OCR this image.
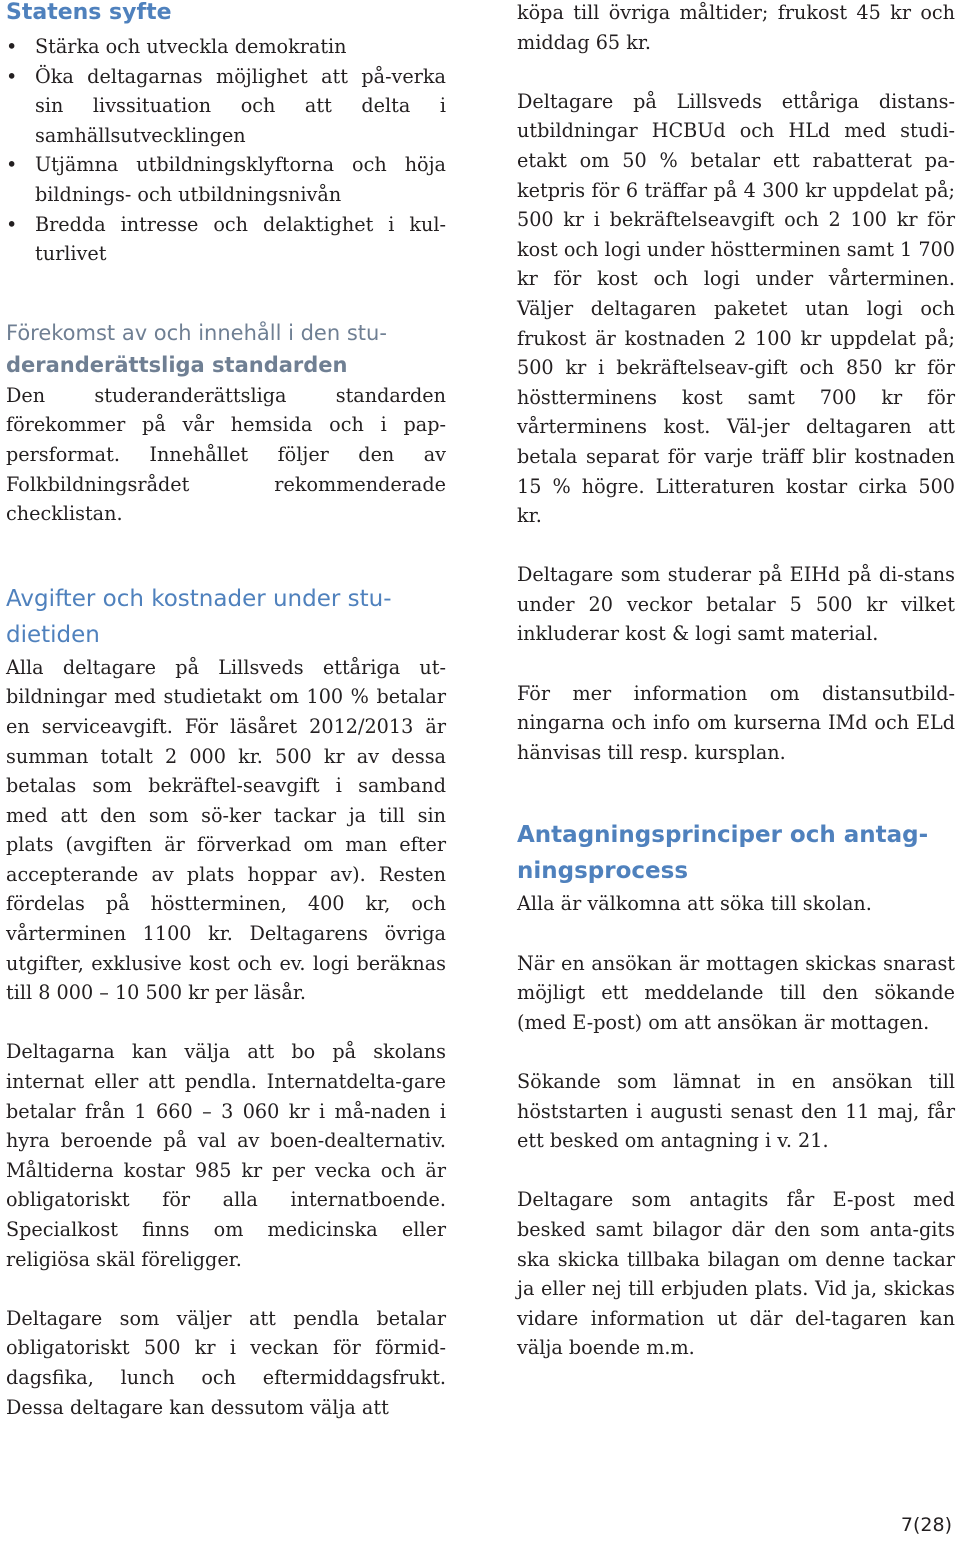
Statens syfte
• Stärka och utveckla demokratin
• Öka deltagarnas möjlighet att på-verka sin livssituation och att delta i samhällsutvecklingen
• Utjämna utbildningsklyftorna och höja bildnings- och utbildningsnivån
• Bredda intresse och delaktighet i kul-turlivet
Förekomst av och innehåll i den stu-
deranderättsliga standarden

Den studeranderättsliga standarden förekommer på vår hemsida och i pap-persformat. Innehållet följer den av Folkbildningsrådet rekommenderade checklistan.

Avgifter och kostnader under stu-dietiden

Alla deltagare på Lillsveds ettåriga ut-bildningar med studietakt om 100 % betalar en serviceavgift. För läsåret 2012/2013 är summan totalt 2 000 kr. 500 kr av dessa betalas som bekräftel-seavgift i samband med att den som sö-ker tackar ja till sin plats (avgiften är förverkad om man efter accepterande av plats hoppar av). Resten fördelas på höstterminen, 400 kr, och vårterminen 1100 kr. Deltagarens övriga utgifter, exklusive kost och ev. logi beräknas till 8 000 – 10 500 kr per läsår.

Deltagarna kan välja att bo på skolans internat eller att pendla. Internatdelta-gare betalar från 1 660 – 3 060 kr i må-naden i hyra beroende på val av boen-dealternativ. Måltiderna kostar 985 kr per vecka och är obligatoriskt för alla internatboende. Specialkost finns om medicinska eller religiösa skäl föreligger.

Deltagare som väljer att pendla betalar obligatoriskt 500 kr i veckan för förmid-dagsfika, lunch och eftermiddagsfrukt. Dessa deltagare kan dessutom välja att

köpa till övriga måltider; frukost 45 kr och middag 65 kr.

Deltagare på Lillsveds ettåriga distans-utbildningar HCBUd och HLd med studi-etakt om 50 % betalar ett rabatterat pa-ketpris för 6 träffar på 4 300 kr uppdelat på; 500 kr i bekräftelseavgift och 2 100 kr för kost och logi under höstterminen samt 1 700 kr för kost och logi under vårterminen. Väljer deltagaren paketet utan logi och frukost är kostnaden 2 100 kr uppdelat på; 500 kr i bekräftelseav-gift och 850 kr för höstterminens kost samt 700 kr för vårterminens kost. Väl-jer deltagaren att betala separat för varje träff blir kostnaden 15 % högre. Litteraturen kostar cirka 500 kr.

Deltagare som studerar på EIHd på di-stans under 20 veckor betalar 5 500 kr vilket inkluderar kost & logi samt material.

För mer information om distansutbild-ningarna och info om kurserna IMd och ELd hänvisas till resp. kursplan.

Antagningsprinciper och antag-ningsprocess

Alla är välkomna att söka till skolan.

När en ansökan är mottagen skickas snarast möjligt ett meddelande till den sökande (med E-post) om att ansökan är mottagen.

Sökande som lämnat in en ansökan till höststarten i augusti senast den 11 maj, får ett besked om antagning i v. 21.

Deltagare som antagits får E-post med besked samt bilagor där den som anta-gits ska skicka tillbaka bilagan om denne tackar ja eller nej till erbjuden plats. Vid ja, skickas vidare information ut där del-tagaren kan välja boende m.m.

7(28)
